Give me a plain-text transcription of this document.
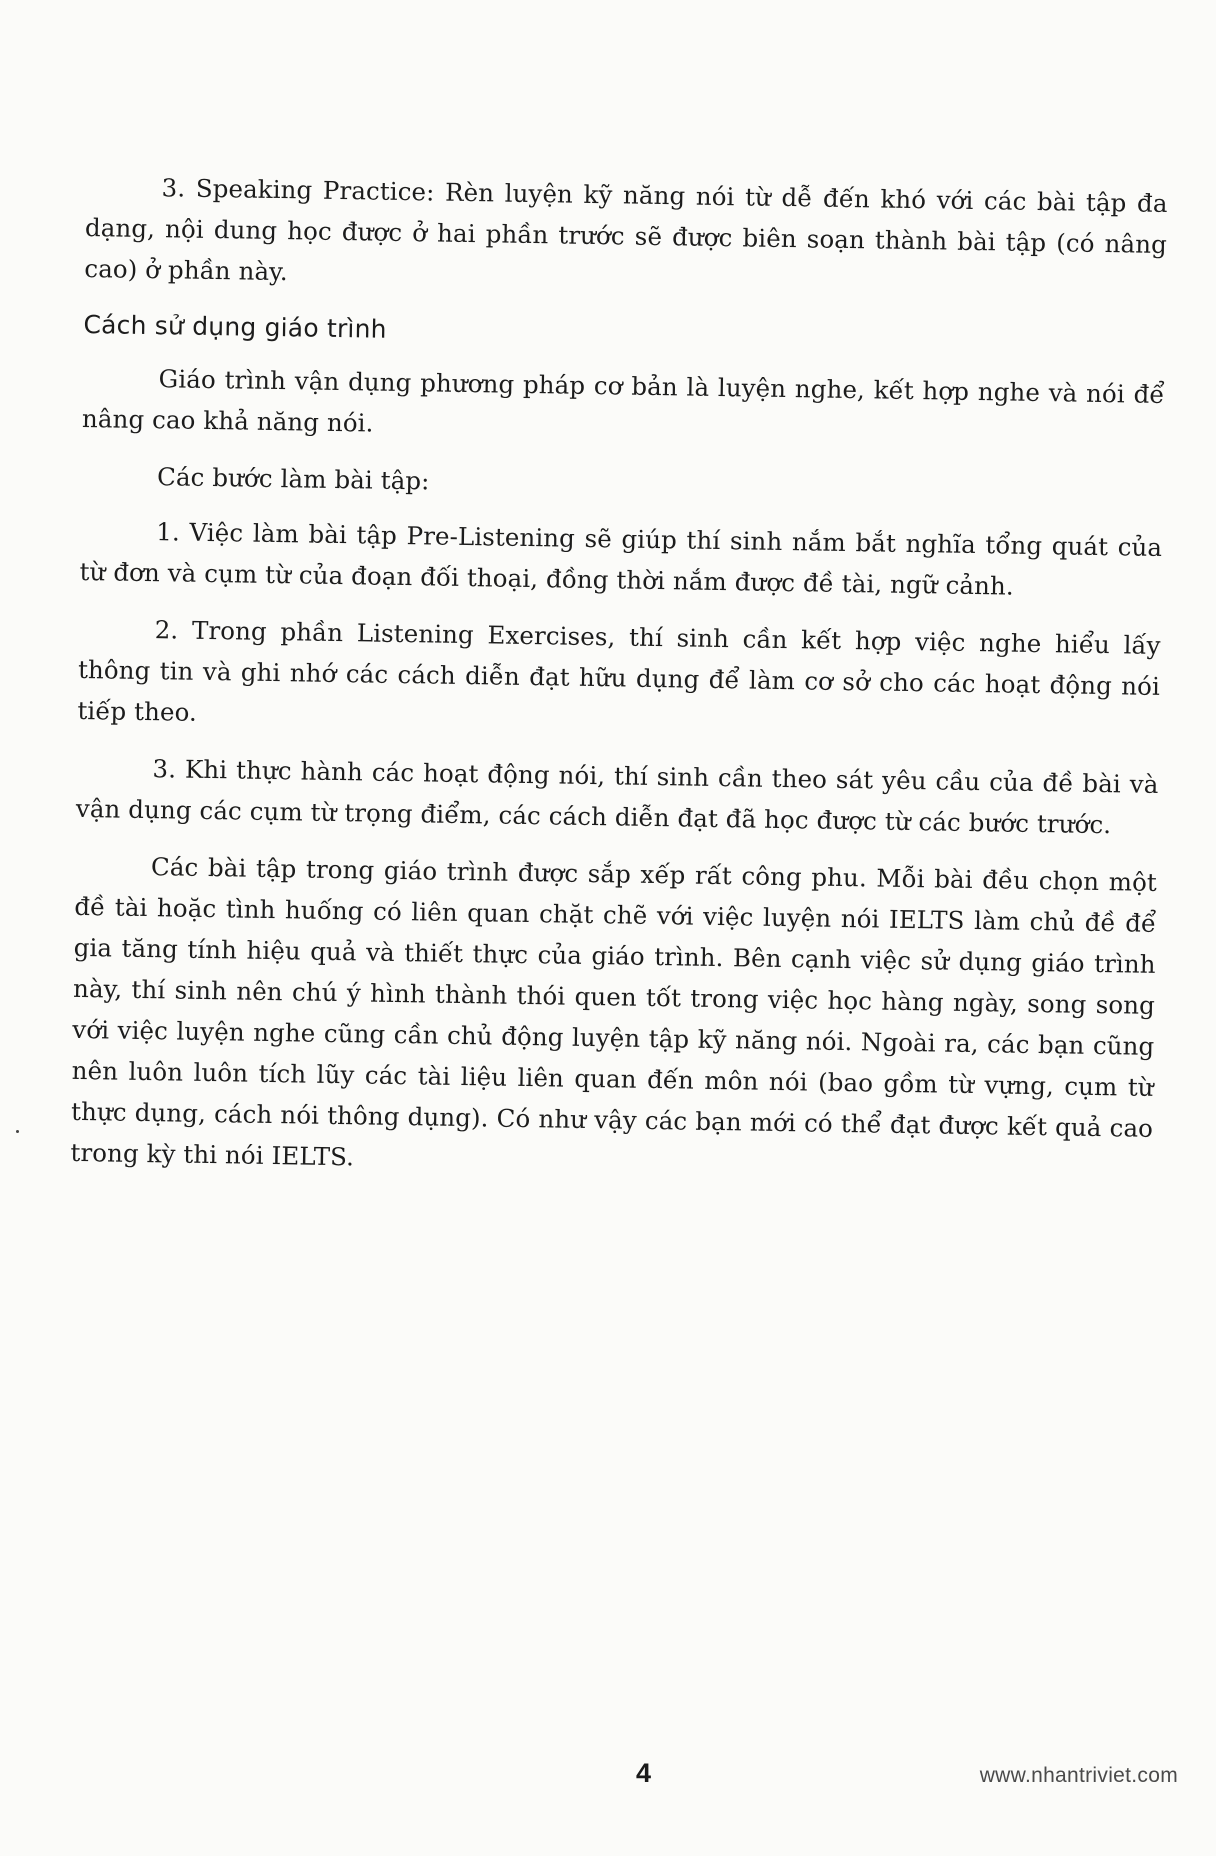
3. Speaking Practice: Rèn luyện kỹ năng nói từ dễ đến khó với các bài tập đa dạng, nội dung học được ở hai phần trước sẽ được biên soạn thành bài tập (có nâng cao) ở phần này.

Cách sử dụng giáo trình

Giáo trình vận dụng phương pháp cơ bản là luyện nghe, kết hợp nghe và nói để nâng cao khả năng nói.

Các bước làm bài tập:

1. Việc làm bài tập Pre-Listening sẽ giúp thí sinh nắm bắt nghĩa tổng quát của từ đơn và cụm từ của đoạn đối thoại, đồng thời nắm được đề tài, ngữ cảnh.

2. Trong phần Listening Exercises, thí sinh cần kết hợp việc nghe hiểu lấy thông tin và ghi nhớ các cách diễn đạt hữu dụng để làm cơ sở cho các hoạt động nói tiếp theo.

3. Khi thực hành các hoạt động nói, thí sinh cần theo sát yêu cầu của đề bài và vận dụng các cụm từ trọng điểm, các cách diễn đạt đã học được từ các bước trước.

Các bài tập trong giáo trình được sắp xếp rất công phu. Mỗi bài đều chọn một đề tài hoặc tình huống có liên quan chặt chẽ với việc luyện nói IELTS làm chủ đề để gia tăng tính hiệu quả và thiết thực của giáo trình. Bên cạnh việc sử dụng giáo trình này, thí sinh nên chú ý hình thành thói quen tốt trong việc học hàng ngày, song song với việc luyện nghe cũng cần chủ động luyện tập kỹ năng nói. Ngoài ra, các bạn cũng nên luôn luôn tích lũy các tài liệu liên quan đến môn nói (bao gồm từ vựng, cụm từ thực dụng, cách nói thông dụng). Có như vậy các bạn mới có thể đạt được kết quả cao trong kỳ thi nói IELTS.

4	www.nhantriviet.com
